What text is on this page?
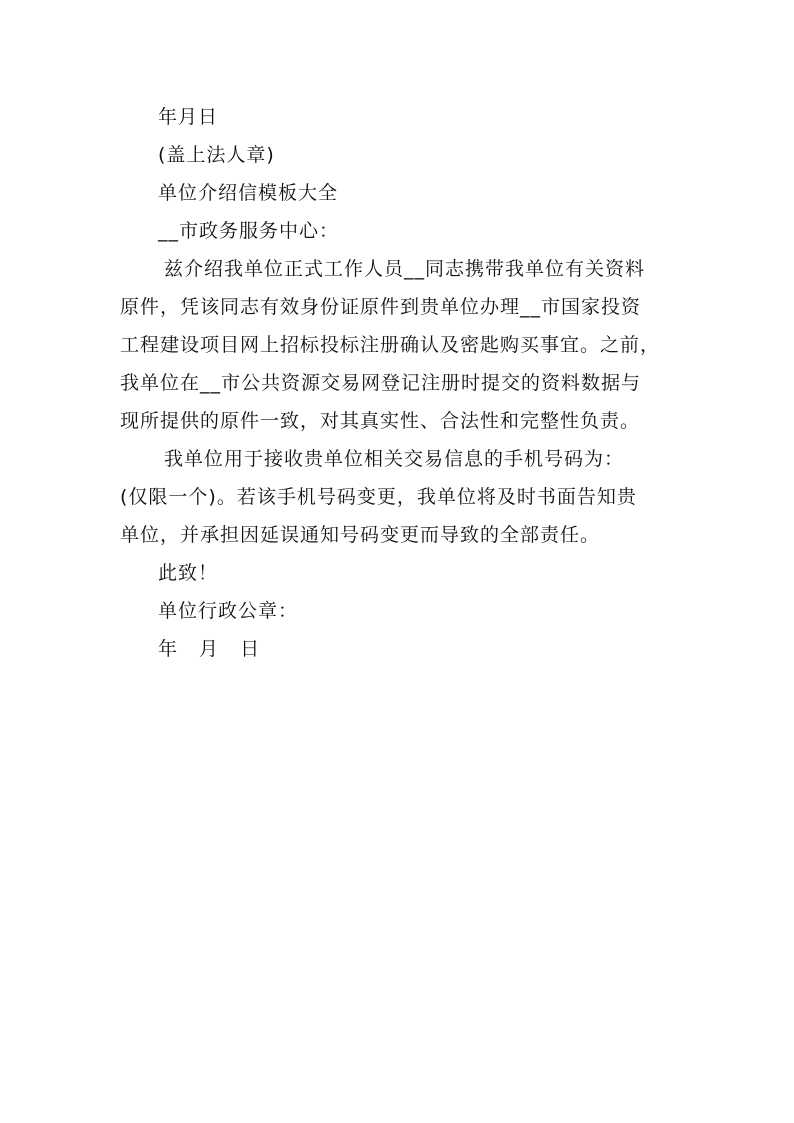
年月日

(盖上法人章)

单位介绍信模板大全

__市政务服务中心：

兹介绍我单位正式工作人员__同志携带我单位有关资料
原件，凭该同志有效身份证原件到贵单位办理__市国家投资
工程建设项目网上招标投标注册确认及密匙购买事宜。之前，
我单位在__市公共资源交易网登记注册时提交的资料数据与
现所提供的原件一致，对其真实性、合法性和完整性负责。
我单位用于接收贵单位相关交易信息的手机号码为：
(仅限一个)。若该手机号码变更，我单位将及时书面告知贵
单位，并承担因延误通知号码变更而导致的全部责任。

此致！

单位行政公章：

年 月 日
